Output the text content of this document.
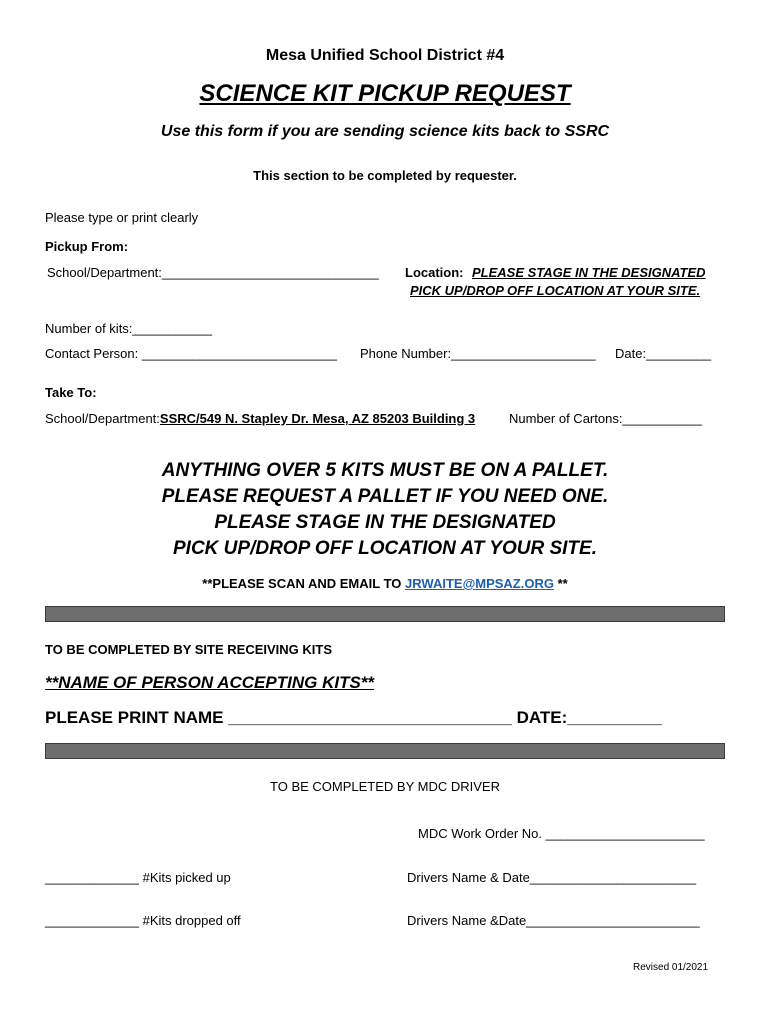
Mesa Unified School District #4
SCIENCE KIT PICKUP REQUEST
Use this form if you are sending science kits back to SSRC
This section to be completed by requester.
Please type or print clearly
Pickup From:
School/Department:______________________________ Location: PLEASE STAGE IN THE DESIGNATED
PICK UP/DROP OFF LOCATION AT YOUR SITE.
Number of kits:___________
Contact Person: ___________________________ Phone Number:____________________ Date:_________
Take To:
School/Department:SSRC/549 N. Stapley Dr. Mesa, AZ 85203 Building 3	Number of Cartons:___________
ANYTHING OVER 5 KITS MUST BE ON A PALLET.
PLEASE REQUEST A PALLET IF YOU NEED ONE.
PLEASE STAGE IN THE DESIGNATED
PICK UP/DROP OFF LOCATION AT YOUR SITE.
**PLEASE SCAN AND EMAIL TO JRWAITE@MPSAZ.ORG **
TO BE COMPLETED BY SITE RECEIVING KITS
**NAME OF PERSON ACCEPTING KITS**
PLEASE PRINT NAME ______________________________ DATE:__________
TO BE COMPLETED BY MDC DRIVER
MDC Work Order No. ______________________
_____________ #Kits picked up	Drivers Name & Date_______________________
_____________ #Kits dropped off	Drivers Name &Date________________________
Revised 01/2021
